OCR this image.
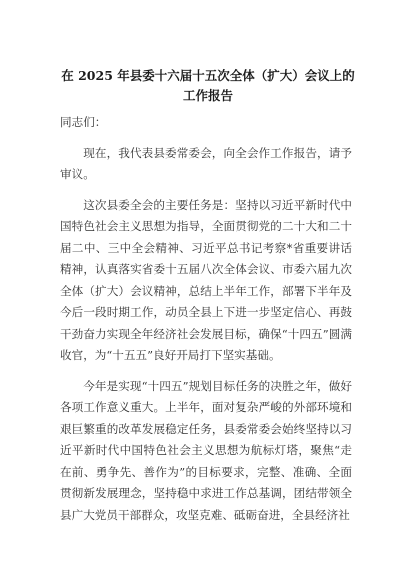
在 2025 年县委十六届十五次全体（扩大）会议上的工作报告

同志们：

现在，我代表县委常委会，向全会作工作报告，请予审议。

这次县委全会的主要任务是：坚持以习近平新时代中国特色社会主义思想为指导，全面贯彻党的二十大和二十届二中、三中全会精神、习近平总书记考察*省重要讲话精神，认真落实省委十五届八次全体会议、市委六届九次全体（扩大）会议精神，总结上半年工作，部署下半年及今后一段时期工作，动员全县上下进一步坚定信心、再鼓干劲奋力实现全年经济社会发展目标，确保“十四五”圆满收官，为“十五五”良好开局打下坚实基础。

今年是实现“十四五”规划目标任务的决胜之年，做好各项工作意义重大。上半年，面对复杂严峻的外部环境和艰巨繁重的改革发展稳定任务，县委常委会始终坚持以习近平新时代中国特色社会主义思想为航标灯塔，聚焦“走在前、勇争先、善作为”的目标要求，完整、准确、全面贯彻新发展理念，坚持稳中求进工作总基调，团结带领全县广大党员干部群众，攻坚克难、砥砺奋进，全县经济社
